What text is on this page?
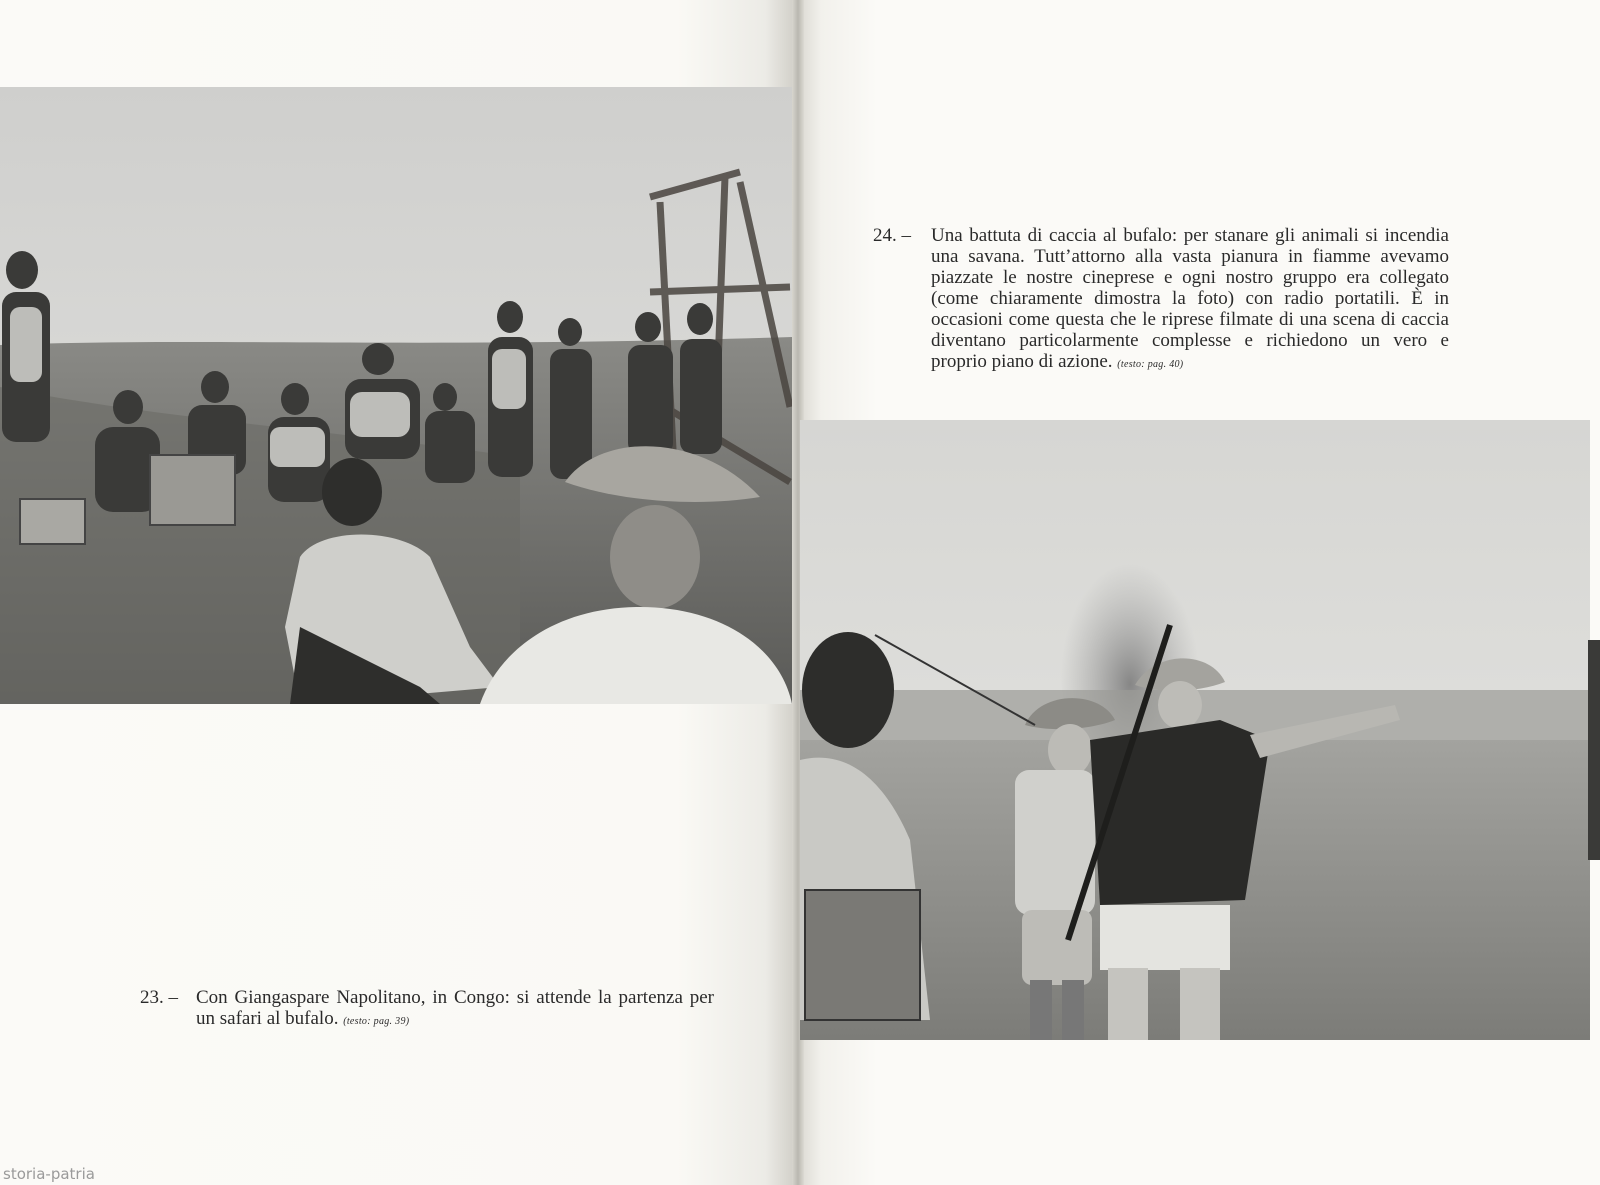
24. – Una battuta di caccia al bufalo: per stanare gli animali si incendia una savana. Tutt’attorno alla vasta pianura in fiamme avevamo piazzate le nostre cineprese e ogni nostro gruppo era collegato (come chiaramente dimostra la foto) con radio portatili. È in occasioni come questa che le riprese filmate di una scena di caccia diventano particolarmente complesse e richiedono un vero e proprio piano di azione. (testo: pag. 40)
23. – Con Giangaspare Napolitano, in Congo: si attende la partenza per un safari al bufalo. (testo: pag. 39)
storia-patria
